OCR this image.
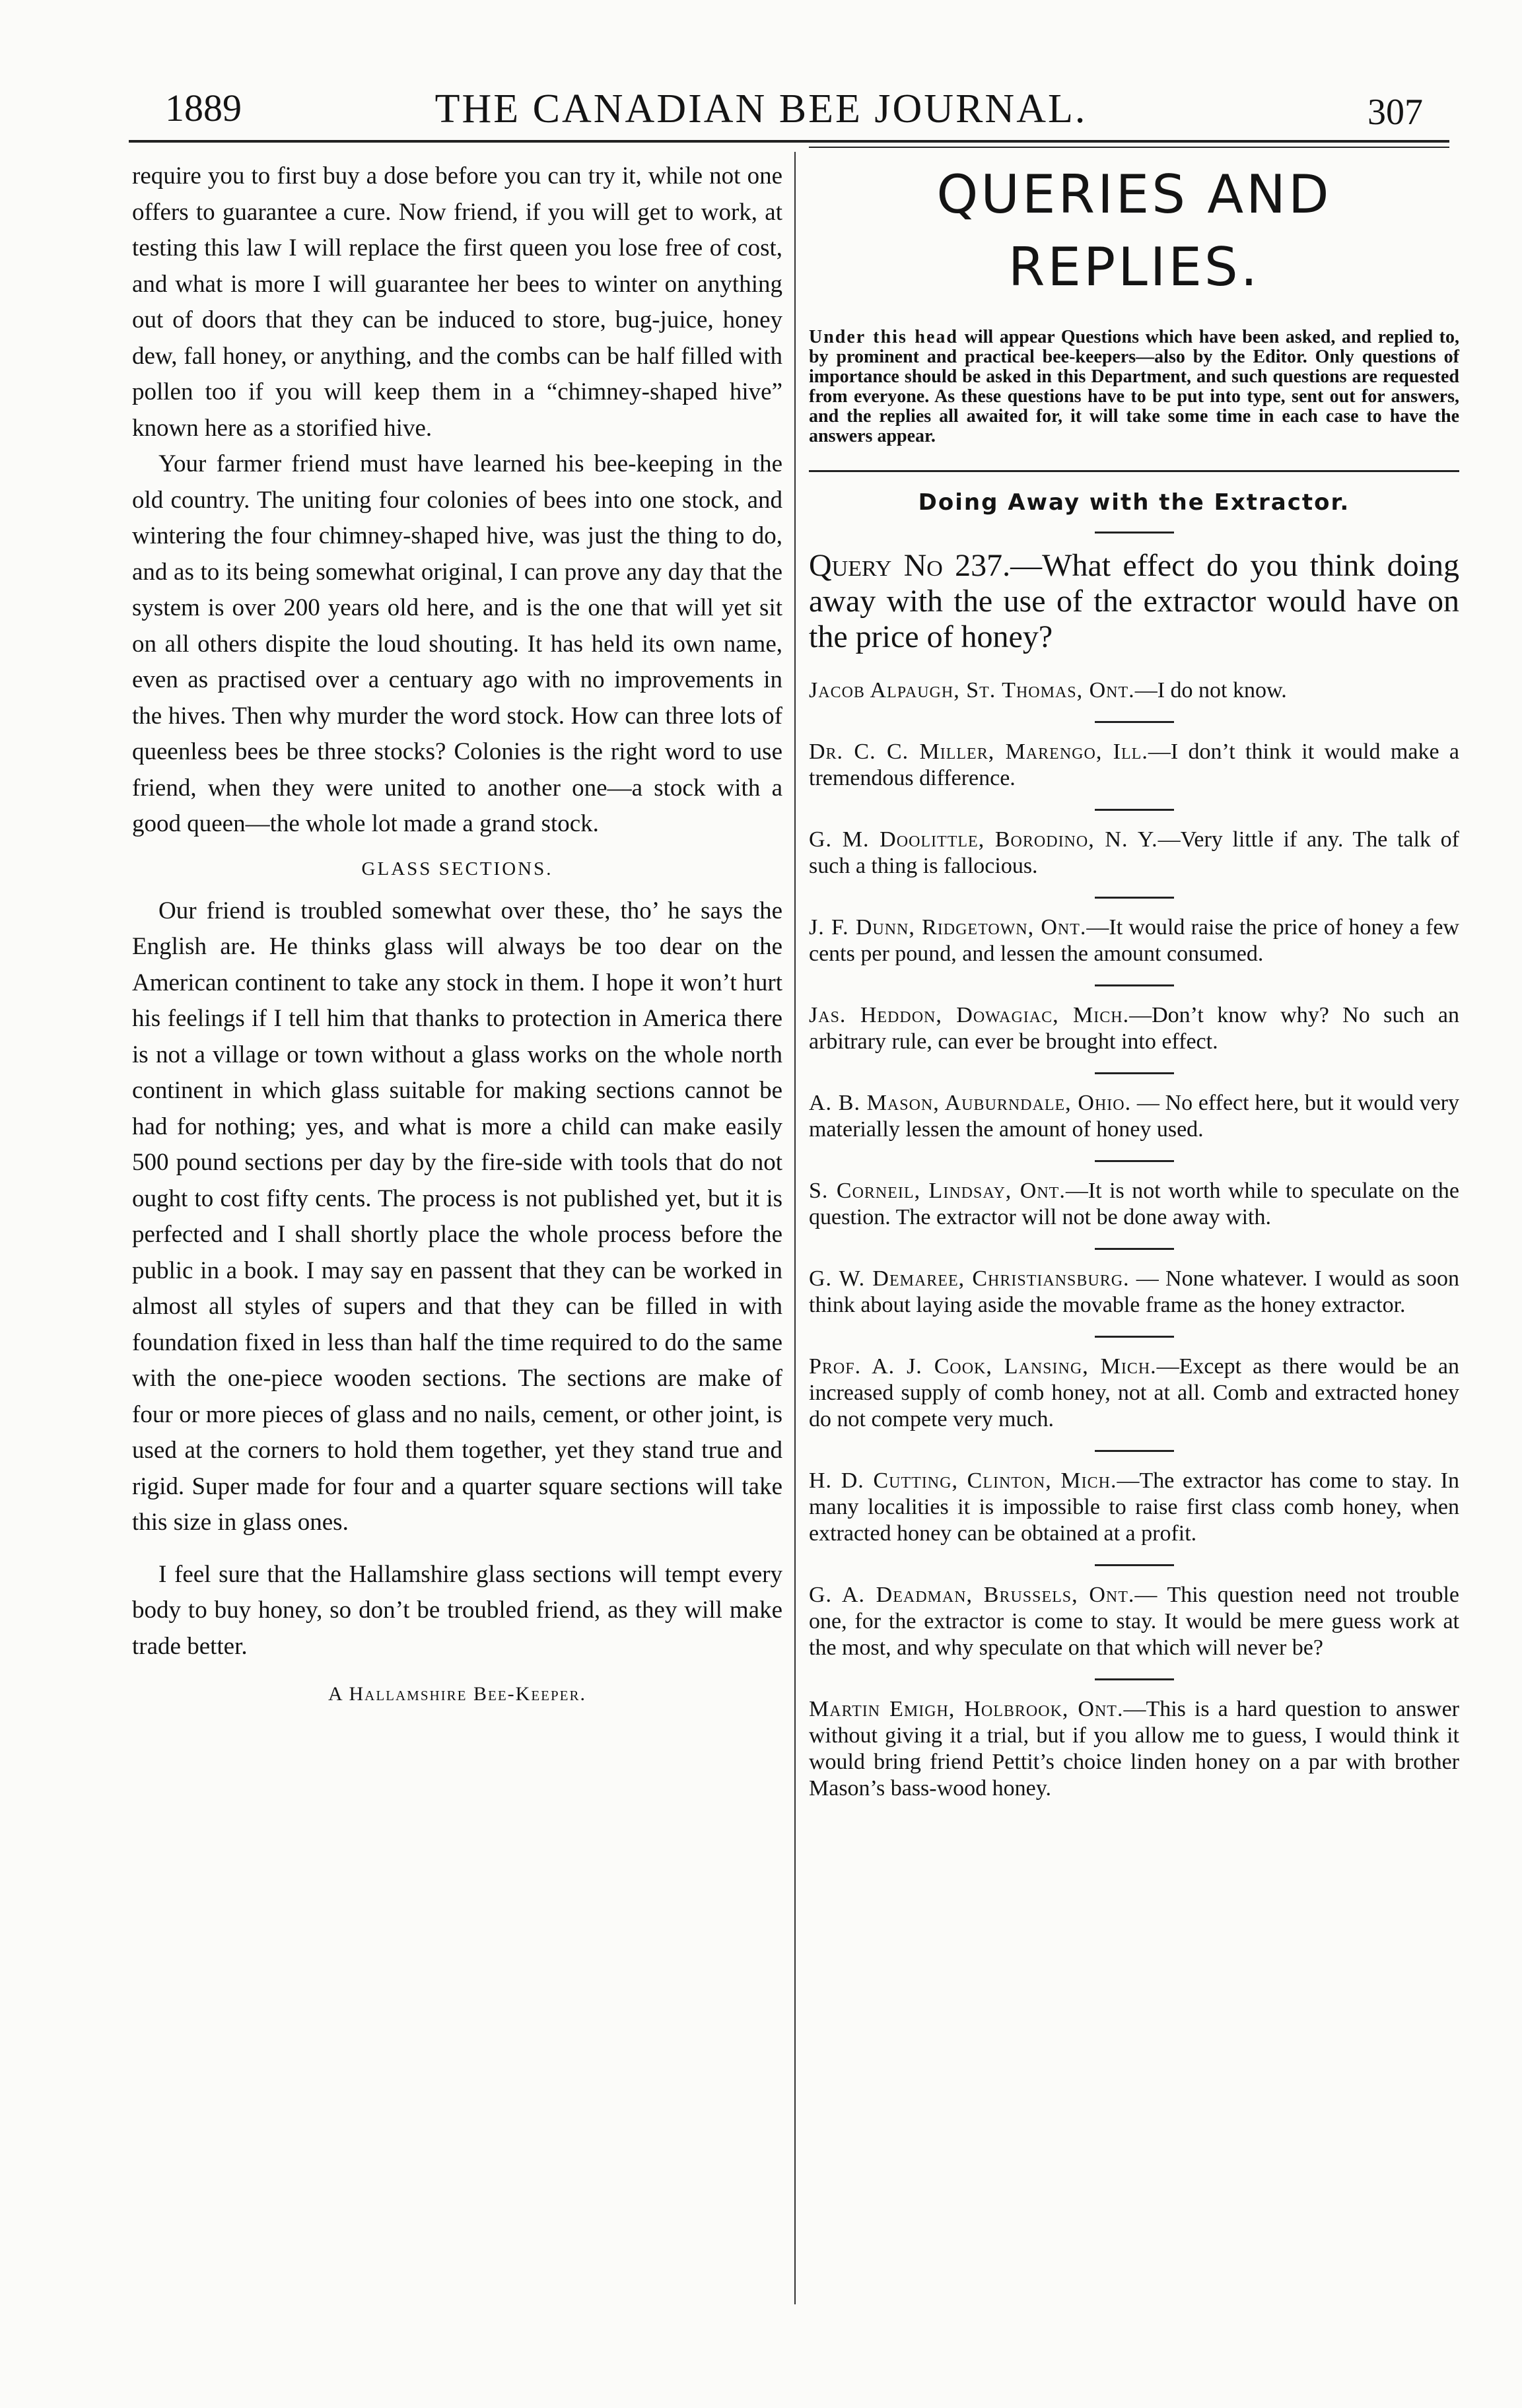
1889	THE CANADIAN BEE JOURNAL.	307

require you to first buy a dose before you can try it, while not one offers to guarantee a cure. Now friend, if you will get to work, at testing this law I will replace the first queen you lose free of cost, and what is more I will guarantee her bees to winter on anything out of doors that they can be induced to store, bug-juice, honey dew, fall honey, or anything, and the combs can be half filled with pollen too if you will keep them in a “chimney-shaped hive” known here as a storified hive.

Your farmer friend must have learned his bee-keeping in the old country. The uniting four colonies of bees into one stock, and wintering the four chimney-shaped hive, was just the thing to do, and as to its being somewhat original, I can prove any day that the system is over 200 years old here, and is the one that will yet sit on all others dispite the loud shouting. It has held its own name, even as practised over a centuary ago with no improvements in the hives. Then why murder the word stock. How can three lots of queenless bees be three stocks? Colonies is the right word to use friend, when they were united to another one—a stock with a good queen—the whole lot made a grand stock.

GLASS SECTIONS.

Our friend is troubled somewhat over these, tho’ he says the English are. He thinks glass will always be too dear on the American continent to take any stock in them. I hope it won’t hurt his feelings if I tell him that thanks to protection in America there is not a village or town without a glass works on the whole north continent in which glass suitable for making sections cannot be had for nothing; yes, and what is more a child can make easily 500 pound sections per day by the fire-side with tools that do not ought to cost fifty cents. The process is not published yet, but it is perfected and I shall shortly place the whole process before the public in a book. I may say en passent that they can be worked in almost all styles of supers and that they can be filled in with foundation fixed in less than half the time required to do the same with the one-piece wooden sections. The sections are make of four or more pieces of glass and no nails, cement, or other joint, is used at the corners to hold them together, yet they stand true and rigid. Super made for four and a quarter square sections will take this size in glass ones.

I feel sure that the Hallamshire glass sections will tempt every body to buy honey, so don’t be troubled friend, as they will make trade better.

A Hallamshire Bee-Keeper.
QUERIES AND REPLIES.

Under this head will appear Questions which have been asked, and replied to, by prominent and practical bee-keepers—also by the Editor. Only questions of importance should be asked in this Department, and such questions are requested from everyone. As these questions have to be put into type, sent out for answers, and the replies all awaited for, it will take some time in each case to have the answers appear.

Doing Away with the Extractor.

Query No 237.—What effect do you think doing away with the use of the extractor would have on the price of honey?

Jacob Alpaugh, St. Thomas, Ont.—I do not know.

Dr. C. C. Miller, Marengo, Ill.—I don’t think it would make a tremendous difference.

G. M. Doolittle, Borodino, N. Y.—Very little if any. The talk of such a thing is fallocious.

J. F. Dunn, Ridgetown, Ont.—It would raise the price of honey a few cents per pound, and lessen the amount consumed.

Jas. Heddon, Dowagiac, Mich.—Don’t know why? No such an arbitrary rule, can ever be brought into effect.

A. B. Mason, Auburndale, Ohio. — No effect here, but it would very materially lessen the amount of honey used.

S. Corneil, Lindsay, Ont.—It is not worth while to speculate on the question. The extractor will not be done away with.

G. W. Demaree, Christiansburg. — None whatever. I would as soon think about laying aside the movable frame as the honey extractor.

Prof. A. J. Cook, Lansing, Mich.—Except as there would be an increased supply of comb honey, not at all. Comb and extracted honey do not compete very much.

H. D. Cutting, Clinton, Mich.—The extractor has come to stay. In many localities it is impossible to raise first class comb honey, when extracted honey can be obtained at a profit.

G. A. Deadman, Brussels, Ont.— This question need not trouble one, for the extractor is come to stay. It would be mere guess work at the most, and why speculate on that which will never be?

Martin Emigh, Holbrook, Ont.—This is a hard question to answer without giving it a trial, but if you allow me to guess, I would think it would bring friend Pettit’s choice linden honey on a par with brother Mason’s bass-wood honey.
